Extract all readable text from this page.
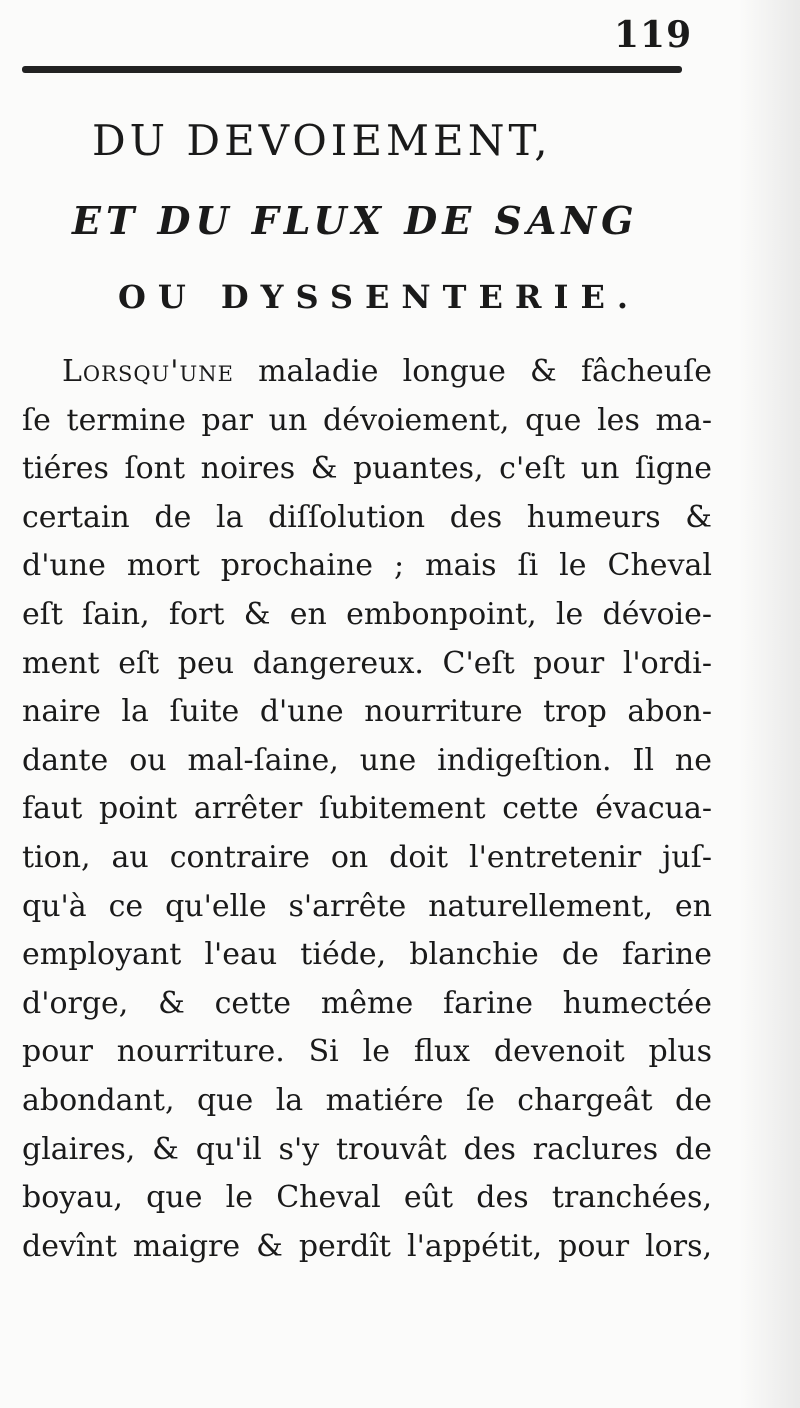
119
DU DEVOIEMENT,
ET DU FLUX DE SANG
OU DYSSENTERIE.
Lorsqu'une maladie longue & fâcheuſe
ſe termine par un dévoiement, que les ma-
tiéres ſont noires & puantes, c'eſt un ſigne
certain de la diſſolution des humeurs &
d'une mort prochaine ; mais ſi le Cheval
eſt ſain, fort & en embonpoint, le dévoie-
ment eſt peu dangereux. C'eſt pour l'ordi-
naire la ſuite d'une nourriture trop abon-
dante ou mal-ſaine, une indigeſtion. Il ne
faut point arrêter ſubitement cette évacua-
tion, au contraire on doit l'entretenir juſ-
qu'à ce qu'elle s'arrête naturellement, en
employant l'eau tiéde, blanchie de farine
d'orge, & cette même farine humectée
pour nourriture. Si le flux devenoit plus
abondant, que la matiére ſe chargeât de
glaires, & qu'il s'y trouvât des raclures de
boyau, que le Cheval eût des tranchées,
devînt maigre & perdît l'appétit, pour lors,
